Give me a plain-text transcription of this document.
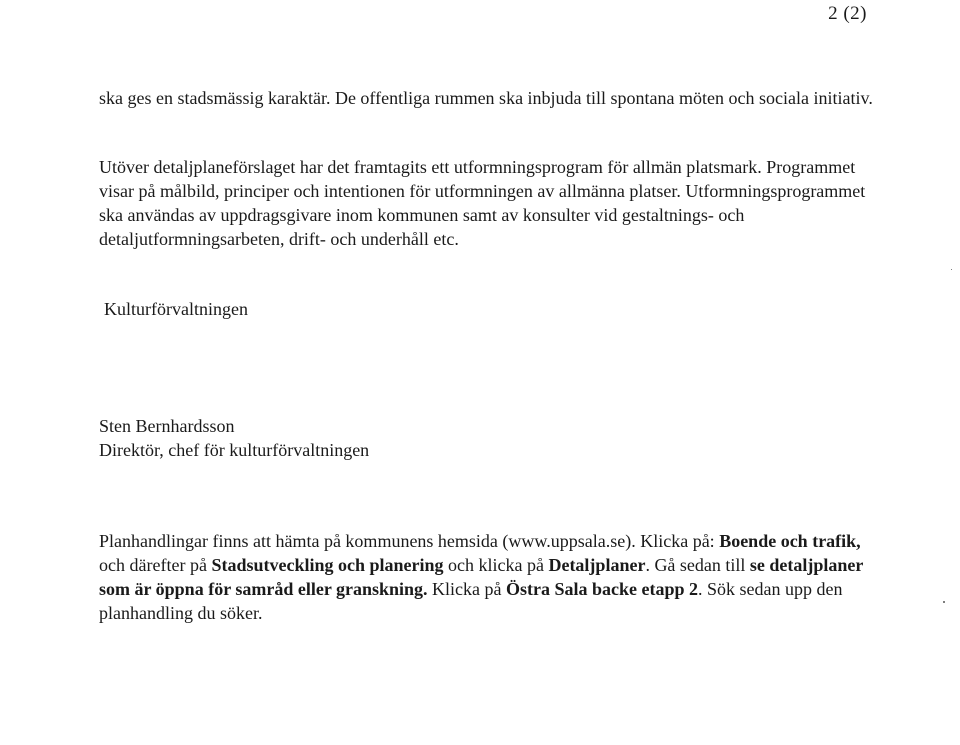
2 (2)

ska ges en stadsmässig karaktär. De offentliga rummen ska inbjuda till spontana möten och sociala initiativ.

Utöver detaljplaneförslaget har det framtagits ett utformningsprogram för allmän platsmark. Programmet visar på målbild, principer och intentionen för utformningen av allmänna platser. Utformningsprogrammet ska användas av uppdragsgivare inom kommunen samt av konsulter vid gestaltnings- och detaljutformningsarbeten, drift- och underhåll etc.

Kulturförvaltningen
Sten Bernhardsson
Direktör, chef för kulturförvaltningen

Planhandlingar finns att hämta på kommunens hemsida (www.uppsala.se). Klicka på: Boende och trafik, och därefter på Stadsutveckling och planering och klicka på Detaljplaner. Gå sedan till se detaljplaner som är öppna för samråd eller granskning. Klicka på Östra Sala backe etapp 2. Sök sedan upp den planhandling du söker.
